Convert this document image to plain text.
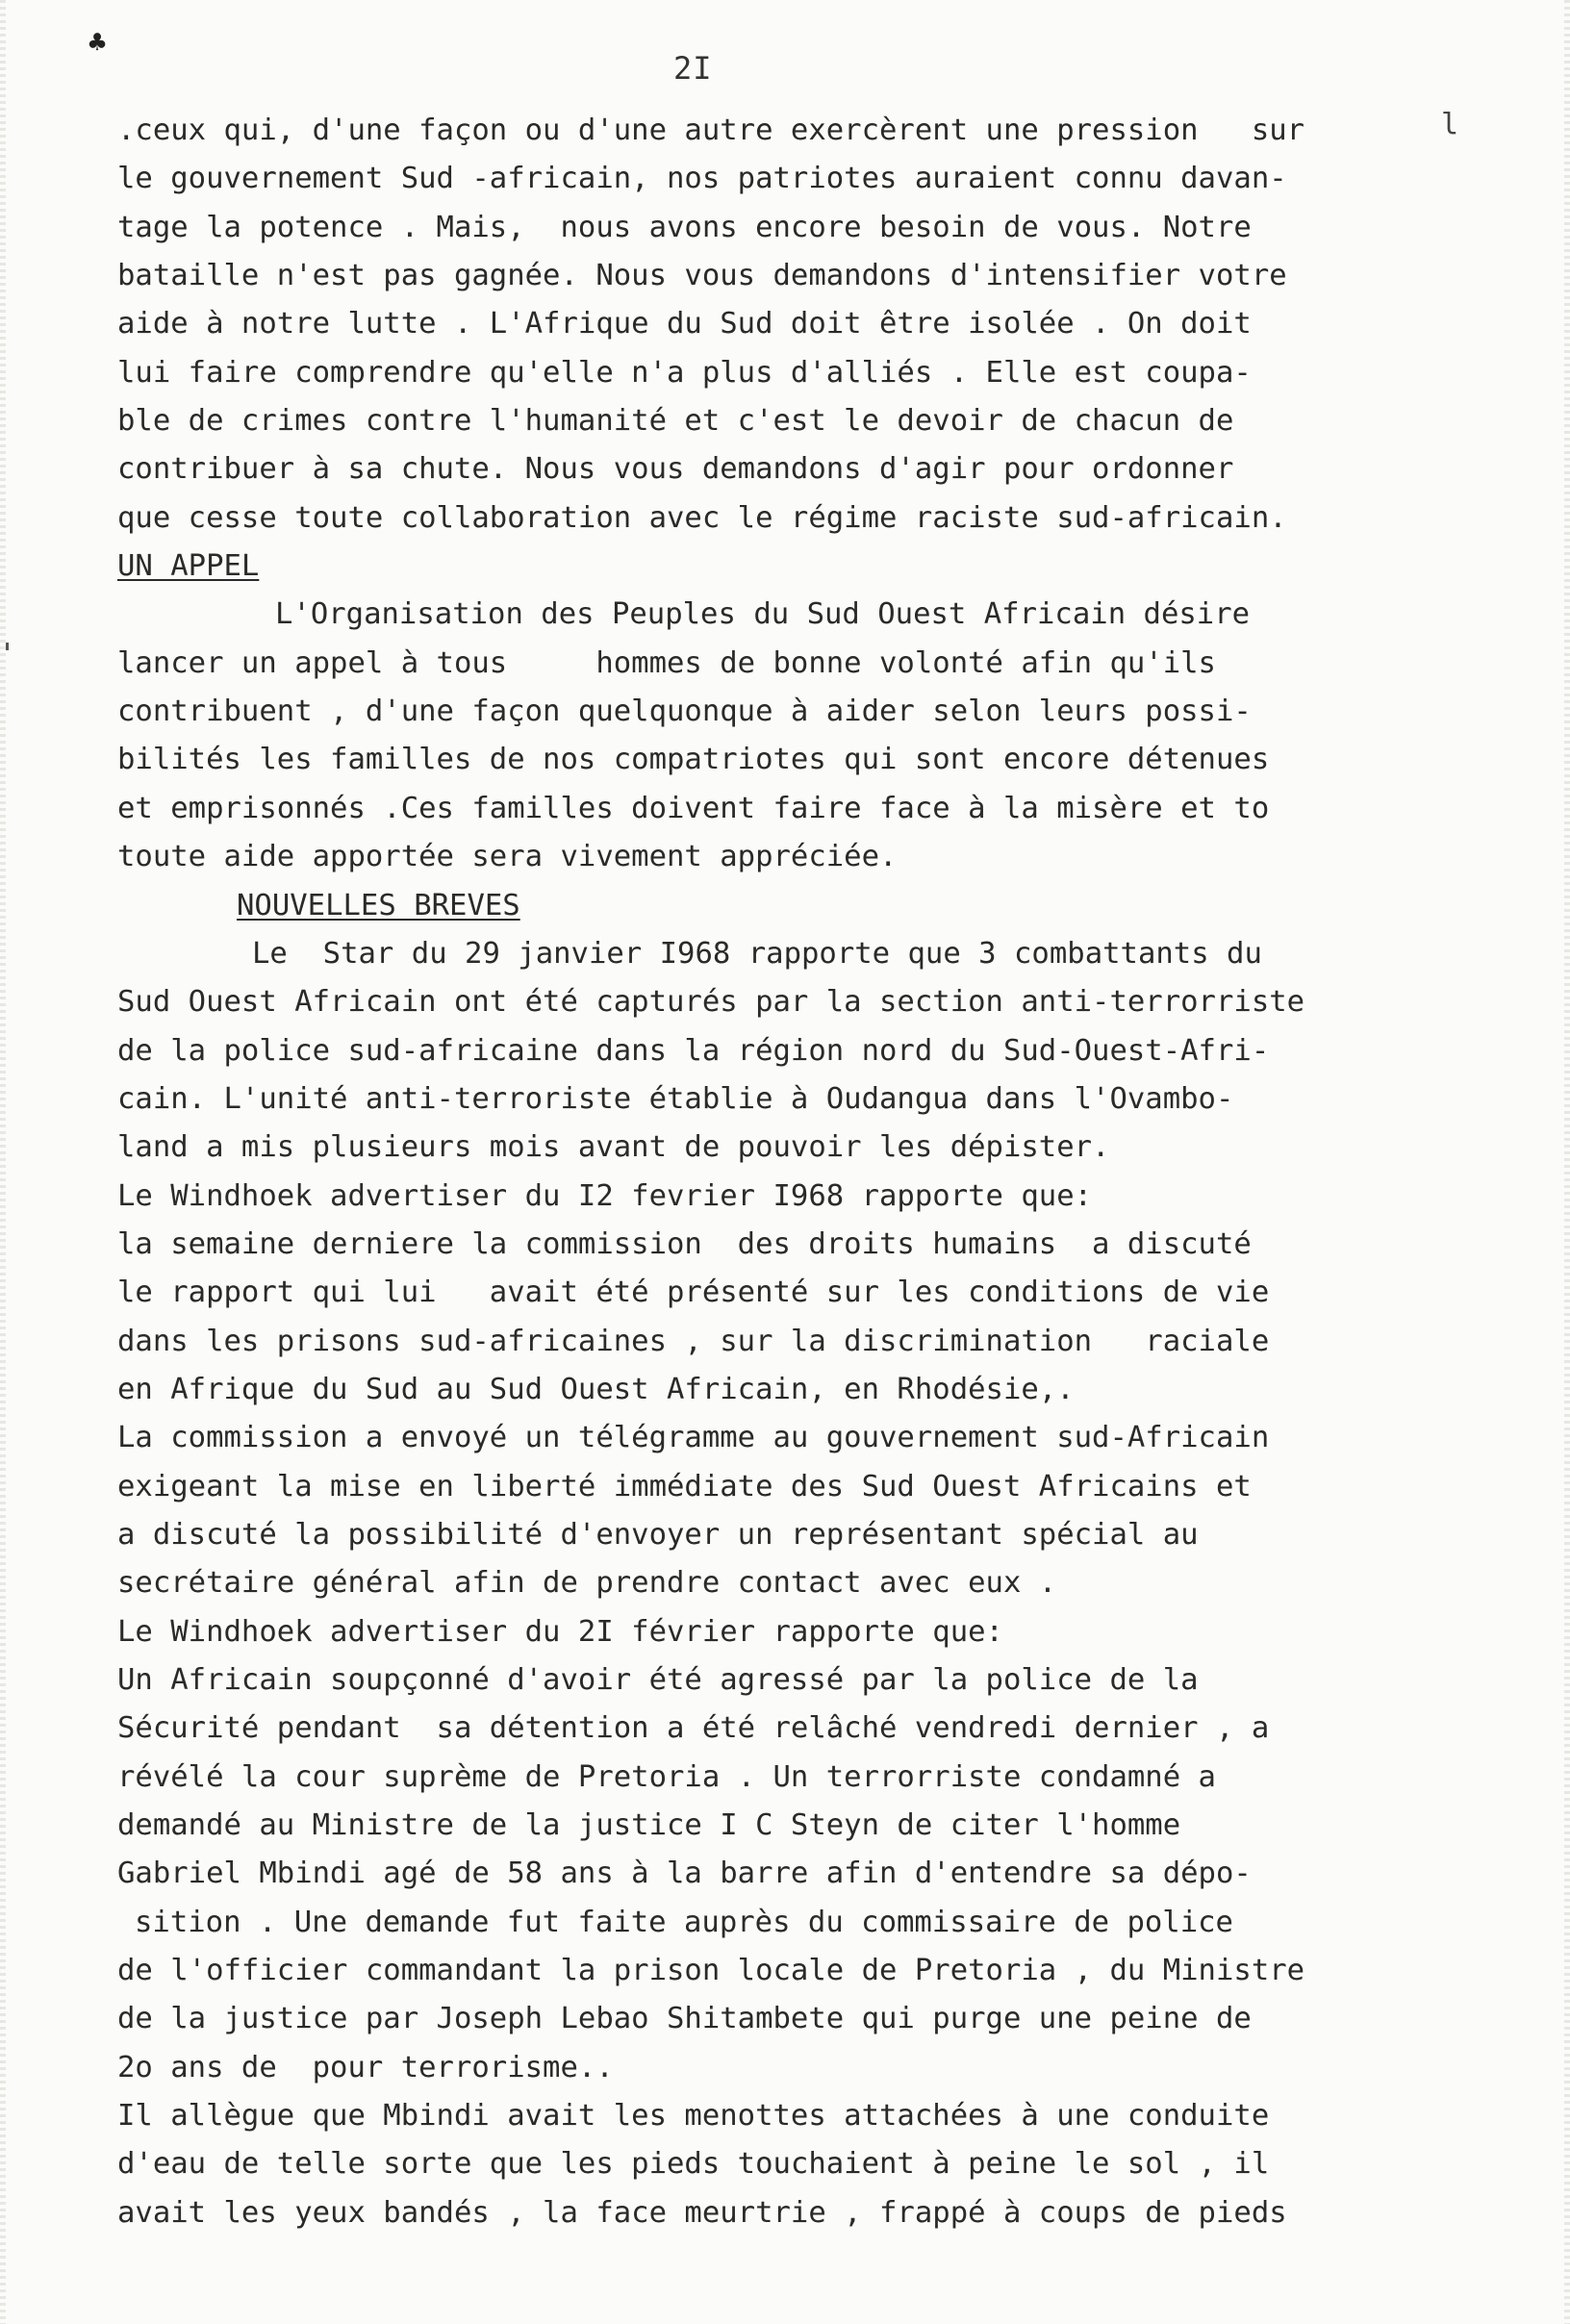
♣
2I
l
.ceux qui, d'une façon ou d'une autre exercèrent une pression   sur
le gouvernement Sud -africain, nos patriotes auraient connu davan-
tage la potence . Mais,  nous avons encore besoin de vous. Notre
bataille n'est pas gagnée. Nous vous demandons d'intensifier votre
aide à notre lutte . L'Afrique du Sud doit être isolée . On doit
lui faire comprendre qu'elle n'a plus d'alliés . Elle est coupa-
ble de crimes contre l'humanité et c'est le devoir de chacun de
contribuer à sa chute. Nous vous demandons d'agir pour ordonner
que cesse toute collaboration avec le régime raciste sud-africain.
UN APPEL
L'Organisation des Peuples du Sud Ouest Africain désire
lancer un appel à tous     hommes de bonne volonté afin qu'ils
contribuent , d'une façon quelquonque à aider selon leurs possi-
bilités les familles de nos compatriotes qui sont encore détenues
et emprisonnés .Ces familles doivent faire face à la misère et to
toute aide apportée sera vivement appréciée.
NOUVELLES BREVES
Le  Star du 29 janvier I968 rapporte que 3 combattants du
Sud Ouest Africain ont été capturés par la section anti-terrorriste
de la police sud-africaine dans la région nord du Sud-Ouest-Afri-
cain. L'unité anti-terroriste établie à Oudangua dans l'Ovambo-
land a mis plusieurs mois avant de pouvoir les dépister.
Le Windhoek advertiser du I2 fevrier I968 rapporte que:
la semaine derniere la commission  des droits humains  a discuté
le rapport qui lui   avait été présenté sur les conditions de vie
dans les prisons sud-africaines , sur la discrimination   raciale
en Afrique du Sud au Sud Ouest Africain, en Rhodésie,.
La commission a envoyé un télégramme au gouvernement sud-Africain
exigeant la mise en liberté immédiate des Sud Ouest Africains et
a discuté la possibilité d'envoyer un représentant spécial au
secrétaire général afin de prendre contact avec eux .
Le Windhoek advertiser du 2I février rapporte que:
Un Africain soupçonné d'avoir été agressé par la police de la
Sécurité pendant  sa détention a été relâché vendredi dernier , a
révélé la cour suprème de Pretoria . Un terrorriste condamné a
demandé au Ministre de la justice I C Steyn de citer l'homme
Gabriel Mbindi agé de 58 ans à la barre afin d'entendre sa dépo-
sition . Une demande fut faite auprès du commissaire de police
de l'officier commandant la prison locale de Pretoria , du Ministre
de la justice par Joseph Lebao Shitambete qui purge une peine de
2o ans de  pour terrorisme..
Il allègue que Mbindi avait les menottes attachées à une conduite
d'eau de telle sorte que les pieds touchaient à peine le sol , il
avait les yeux bandés , la face meurtrie , frappé à coups de pieds
